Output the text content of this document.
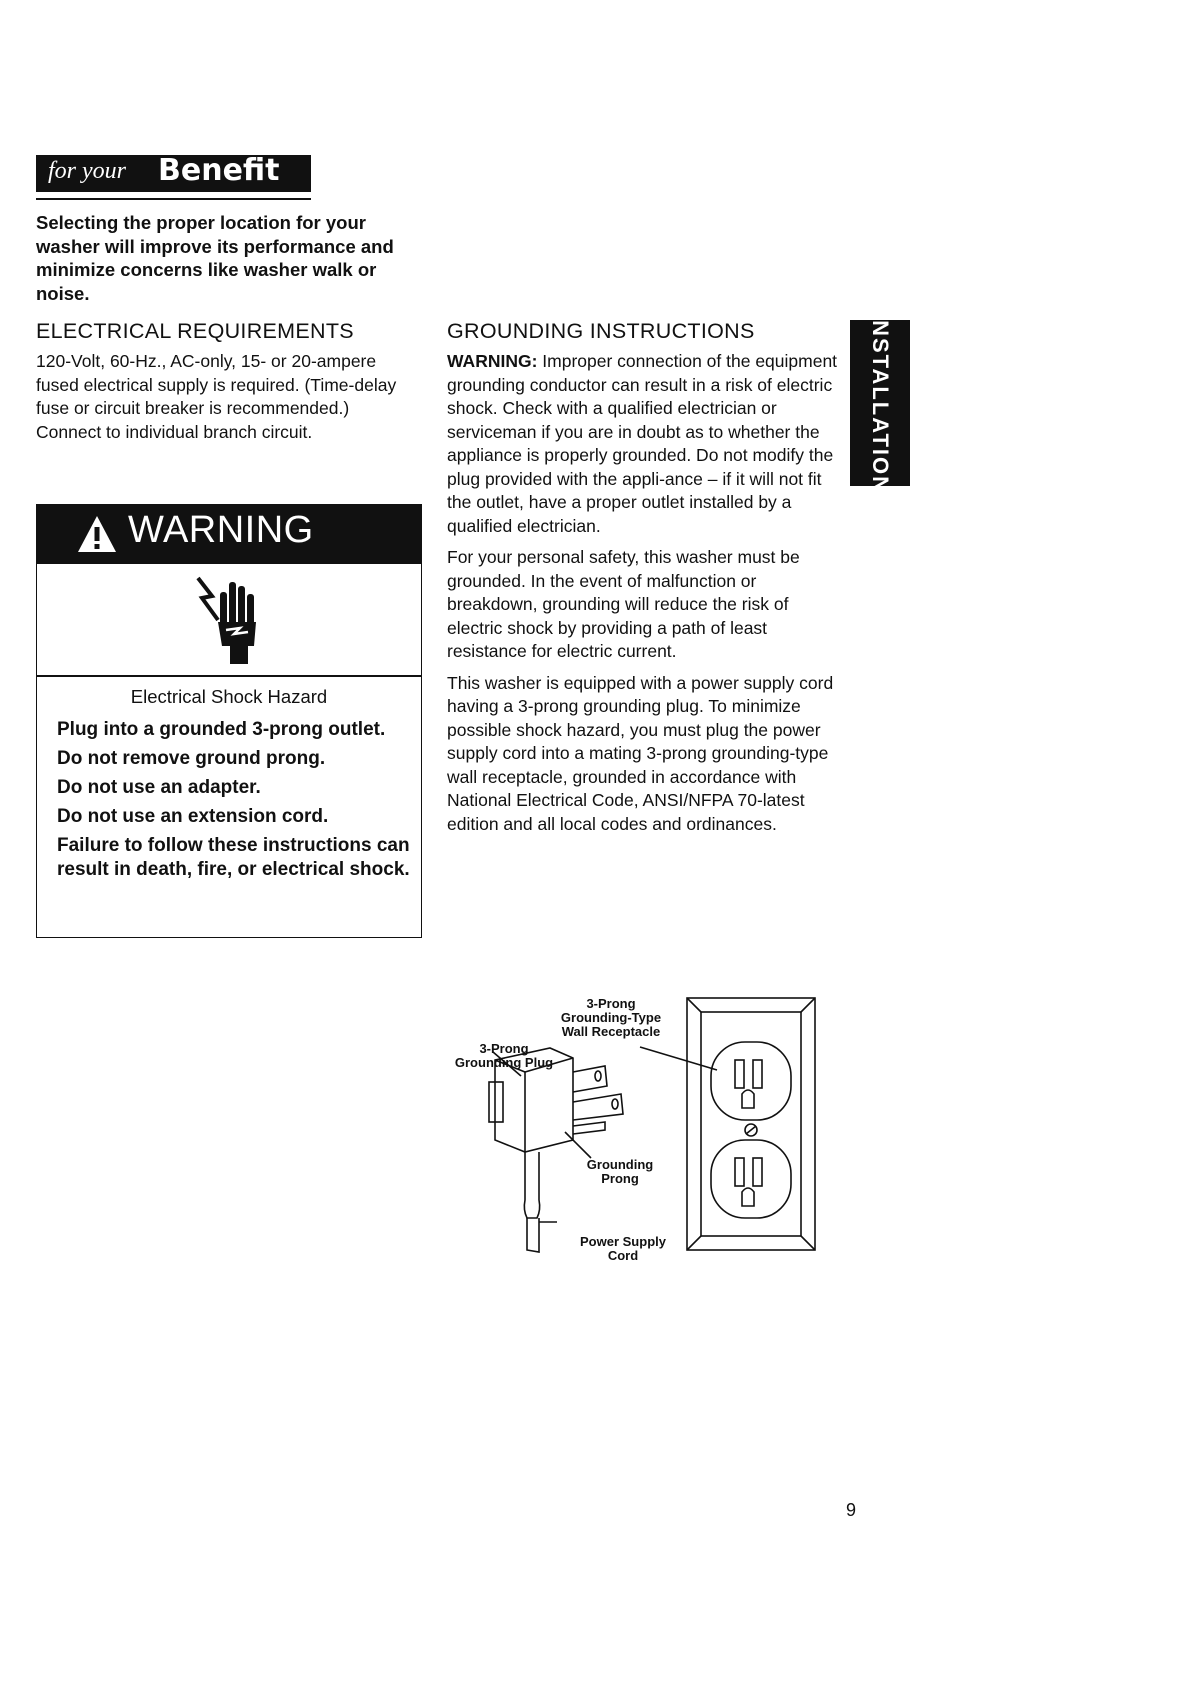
for your Benefit
Selecting the proper location for your washer will improve its performance and minimize concerns like washer walk or noise.
ELECTRICAL REQUIREMENTS
120-Volt, 60-Hz., AC-only, 15- or 20-ampere fused electrical supply is required. (Time-delay fuse or circuit breaker is recommended.) Connect to individual branch circuit.
WARNING
Electrical Shock Hazard
Plug into a grounded 3-prong outlet.
Do not remove ground prong.
Do not use an adapter.
Do not use an extension cord.
Failure to follow these instructions can result in death, fire, or electrical shock.
GROUNDING INSTRUCTIONS

WARNING: Improper connection of the equipment grounding conductor can result in a risk of electric shock. Check with a qualified electrician or serviceman if you are in doubt as to whether the appliance is properly grounded. Do not modify the plug provided with the appli-ance – if it will not fit the outlet, have a proper outlet installed by a qualified electrician.

For your personal safety, this washer must be grounded. In the event of malfunction or breakdown, grounding will reduce the risk of electric shock by providing a path of least resistance for electric current.

This washer is equipped with a power supply cord having a 3-prong grounding plug. To minimize possible shock hazard, you must plug the power supply cord into a mating 3-prong grounding-type wall receptacle, grounded in accordance with National Electrical Code, ANSI/NFPA 70-latest edition and all local codes and ordinances.

INSTALLATION
3-Prong
Grounding-Type
Wall Receptacle
3-Prong
Grounding Plug
Grounding
Prong
Power Supply
Cord
9
